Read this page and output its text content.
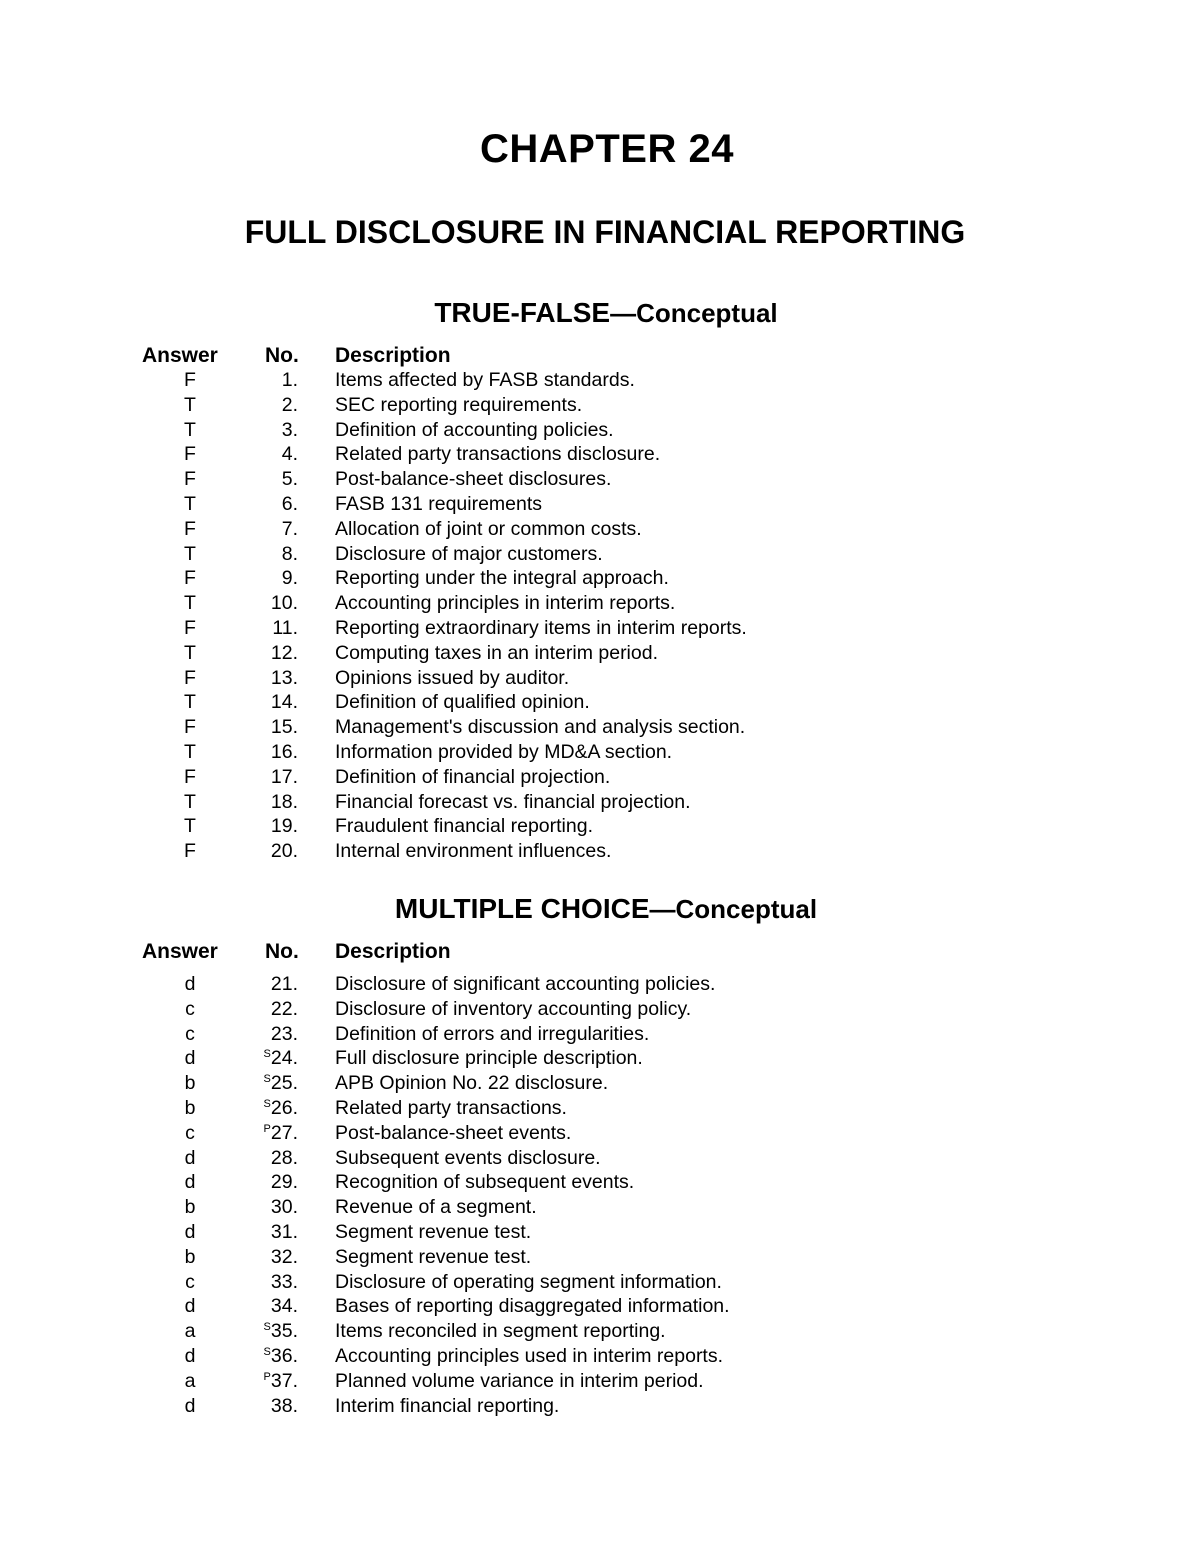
CHAPTER 24
FULL DISCLOSURE IN FINANCIAL REPORTING
TRUE-FALSE—Conceptual
Answer No. Description
F	1. Items affected by FASB standards.
T	2. SEC reporting requirements.
T	3. Definition of accounting policies.
F	4. Related party transactions disclosure.
F	5. Post-balance-sheet disclosures.
T	6. FASB 131 requirements
F	7. Allocation of joint or common costs.
T	8. Disclosure of major customers.
F	9. Reporting under the integral approach.
T	10. Accounting principles in interim reports.
F	11. Reporting extraordinary items in interim reports.
T	12. Computing taxes in an interim period.
F	13. Opinions issued by auditor.
T	14. Definition of qualified opinion.
F	15. Management's discussion and analysis section.
T	16. Information provided by MD&A section.
F	17. Definition of financial projection.
T	18. Financial forecast vs. financial projection.
T	19. Fraudulent financial reporting.
F	20. Internal environment influences.
MULTIPLE CHOICE—Conceptual
Answer No. Description
d	21. Disclosure of significant accounting policies.
c	22. Disclosure of inventory accounting policy.
c	23. Definition of errors and irregularities.
d	$^S$24. Full disclosure principle description.
b	$^S$25. APB Opinion No. 22 disclosure.
b	$^S$26. Related party transactions.
c	$^P$27. Post-balance-sheet events.
d	28. Subsequent events disclosure.
d	29. Recognition of subsequent events.
b	30. Revenue of a segment.
d	31. Segment revenue test.
b	32. Segment revenue test.
c	33. Disclosure of operating segment information.
d	34. Bases of reporting disaggregated information.
a	$^S$35. Items reconciled in segment reporting.
d	$^S$36. Accounting principles used in interim reports.
a	$^P$37. Planned volume variance in interim period.
d	38. Interim financial reporting.
